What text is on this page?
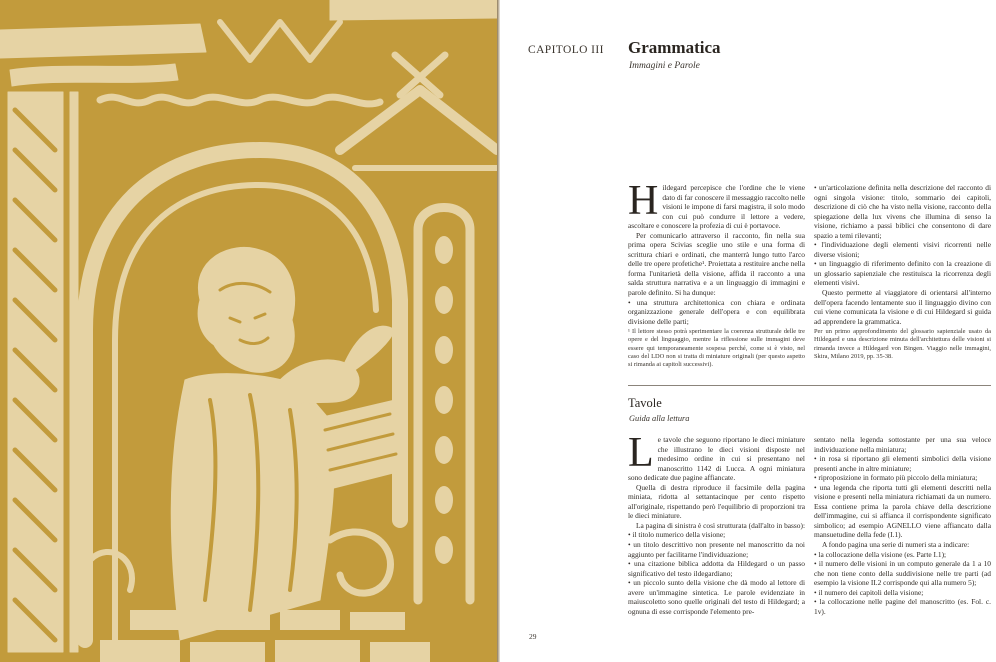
CAPITOLO III Grammatica
Immagini e Parole

Hildegard percepisce che l'ordine che le viene dato di far conoscere il messaggio raccolto nelle visioni le impone di farsi magistra, il solo modo con cui può condurre il lettore a vedere, ascoltare e conoscere la profezia di cui è portavoce.

Per comunicarlo attraverso il racconto, fin nella sua prima opera Scivias sceglie uno stile e una forma di scrittura chiari e ordinati, che manterrà lungo tutto l'arco delle tre opere profetiche¹. Proiettata a restituire anche nella forma l'unitarietà della visione, affida il racconto a una salda struttura narrativa e a un linguaggio di immagini e parole definito. Si ha dunque:

• una struttura architettonica con chiara e ordinata organizzazione generale dell'opera e con equilibrata divisione delle parti;

• un'articolazione definita nella descrizione del racconto di ogni singola visione: titolo, sommario dei capitoli, descrizione di ciò che ha visto nella visione, racconto della spiegazione della lux vivens che illumina di senso la visione, richiamo a passi biblici che consentono di dare spazio a temi rilevanti;

• l'individuazione degli elementi visivi ricorrenti nelle diverse visioni;

• un linguaggio di riferimento definito con la creazione di un glossario sapienziale che restituisca la ricorrenza degli elementi visivi.

Questo permette al viaggiatore di orientarsi all'interno dell'opera facendo lentamente suo il linguaggio divino con cui viene comunicata la visione e di cui Hildegard si guida ad apprendere la grammatica.

¹ Il lettore stesso potrà sperimentare la coerenza strutturale delle tre opere e del linguaggio, mentre la riflessione sulle immagini deve essere qui temporaneamente sospesa perché, come si è visto, nel caso del LDO non si tratta di miniature originali (per questo aspetto si rimanda ai capitoli successivi).
Per un primo approfondimento del glossario sapienziale usato da Hildegard e una descrizione minuta dell'architettura delle visioni si rimanda invece a Hildegard von Bingen. Viaggio nelle immagini, Skira, Milano 2019, pp. 35-38.
Tavole
Guida alla lettura

Le tavole che seguono riportano le dieci miniature che illustrano le dieci visioni disposte nel medesimo ordine in cui si presentano nel manoscritto 1142 di Lucca. A ogni miniatura sono dedicate due pagine affiancate.

Quella di destra riproduce il facsimile della pagina miniata, ridotta al settantacinque per cento rispetto all'originale, rispettando però l'equilibrio di proporzioni tra le dieci miniature.

La pagina di sinistra è così strutturata (dall'alto in basso):

• il titolo numerico della visione;

• un titolo descrittivo non presente nel manoscritto da noi aggiunto per facilitarne l'individuazione;

• una citazione biblica addotta da Hildegard o un passo significativo del testo ildegardiano;

• un piccolo sunto della visione che dà modo al lettore di avere un'immagine sintetica. Le parole evidenziate in maiuscoletto sono quelle originali del testo di Hildegard; a ognuna di esse corrisponde l'elemento pre-

sentato nella legenda sottostante per una sua veloce individuazione nella miniatura;

• in rosa si riportano gli elementi simbolici della visione presenti anche in altre miniature;

• riproposizione in formato più piccolo della miniatura;

• una legenda che riporta tutti gli elementi descritti nella visione e presenti nella miniatura richiamati da un numero. Essa contiene prima la parola chiave della descrizione dell'immagine, cui si affianca il corrispondente significato simbolico; ad esempio AGNELLO viene affiancato dalla mansuetudine della fede (I.1).

A fondo pagina una serie di numeri sta a indicare:

• la collocazione della visione (es. Parte I.1);

• il numero delle visioni in un computo generale da 1 a 10 che non tiene conto della suddivisione nelle tre parti (ad esempio la visione II.2 corrisponde qui alla numero 5);

• il numero dei capitoli della visione;

• la collocazione nelle pagine del manoscritto (es. Fol. c. 1v).

29
